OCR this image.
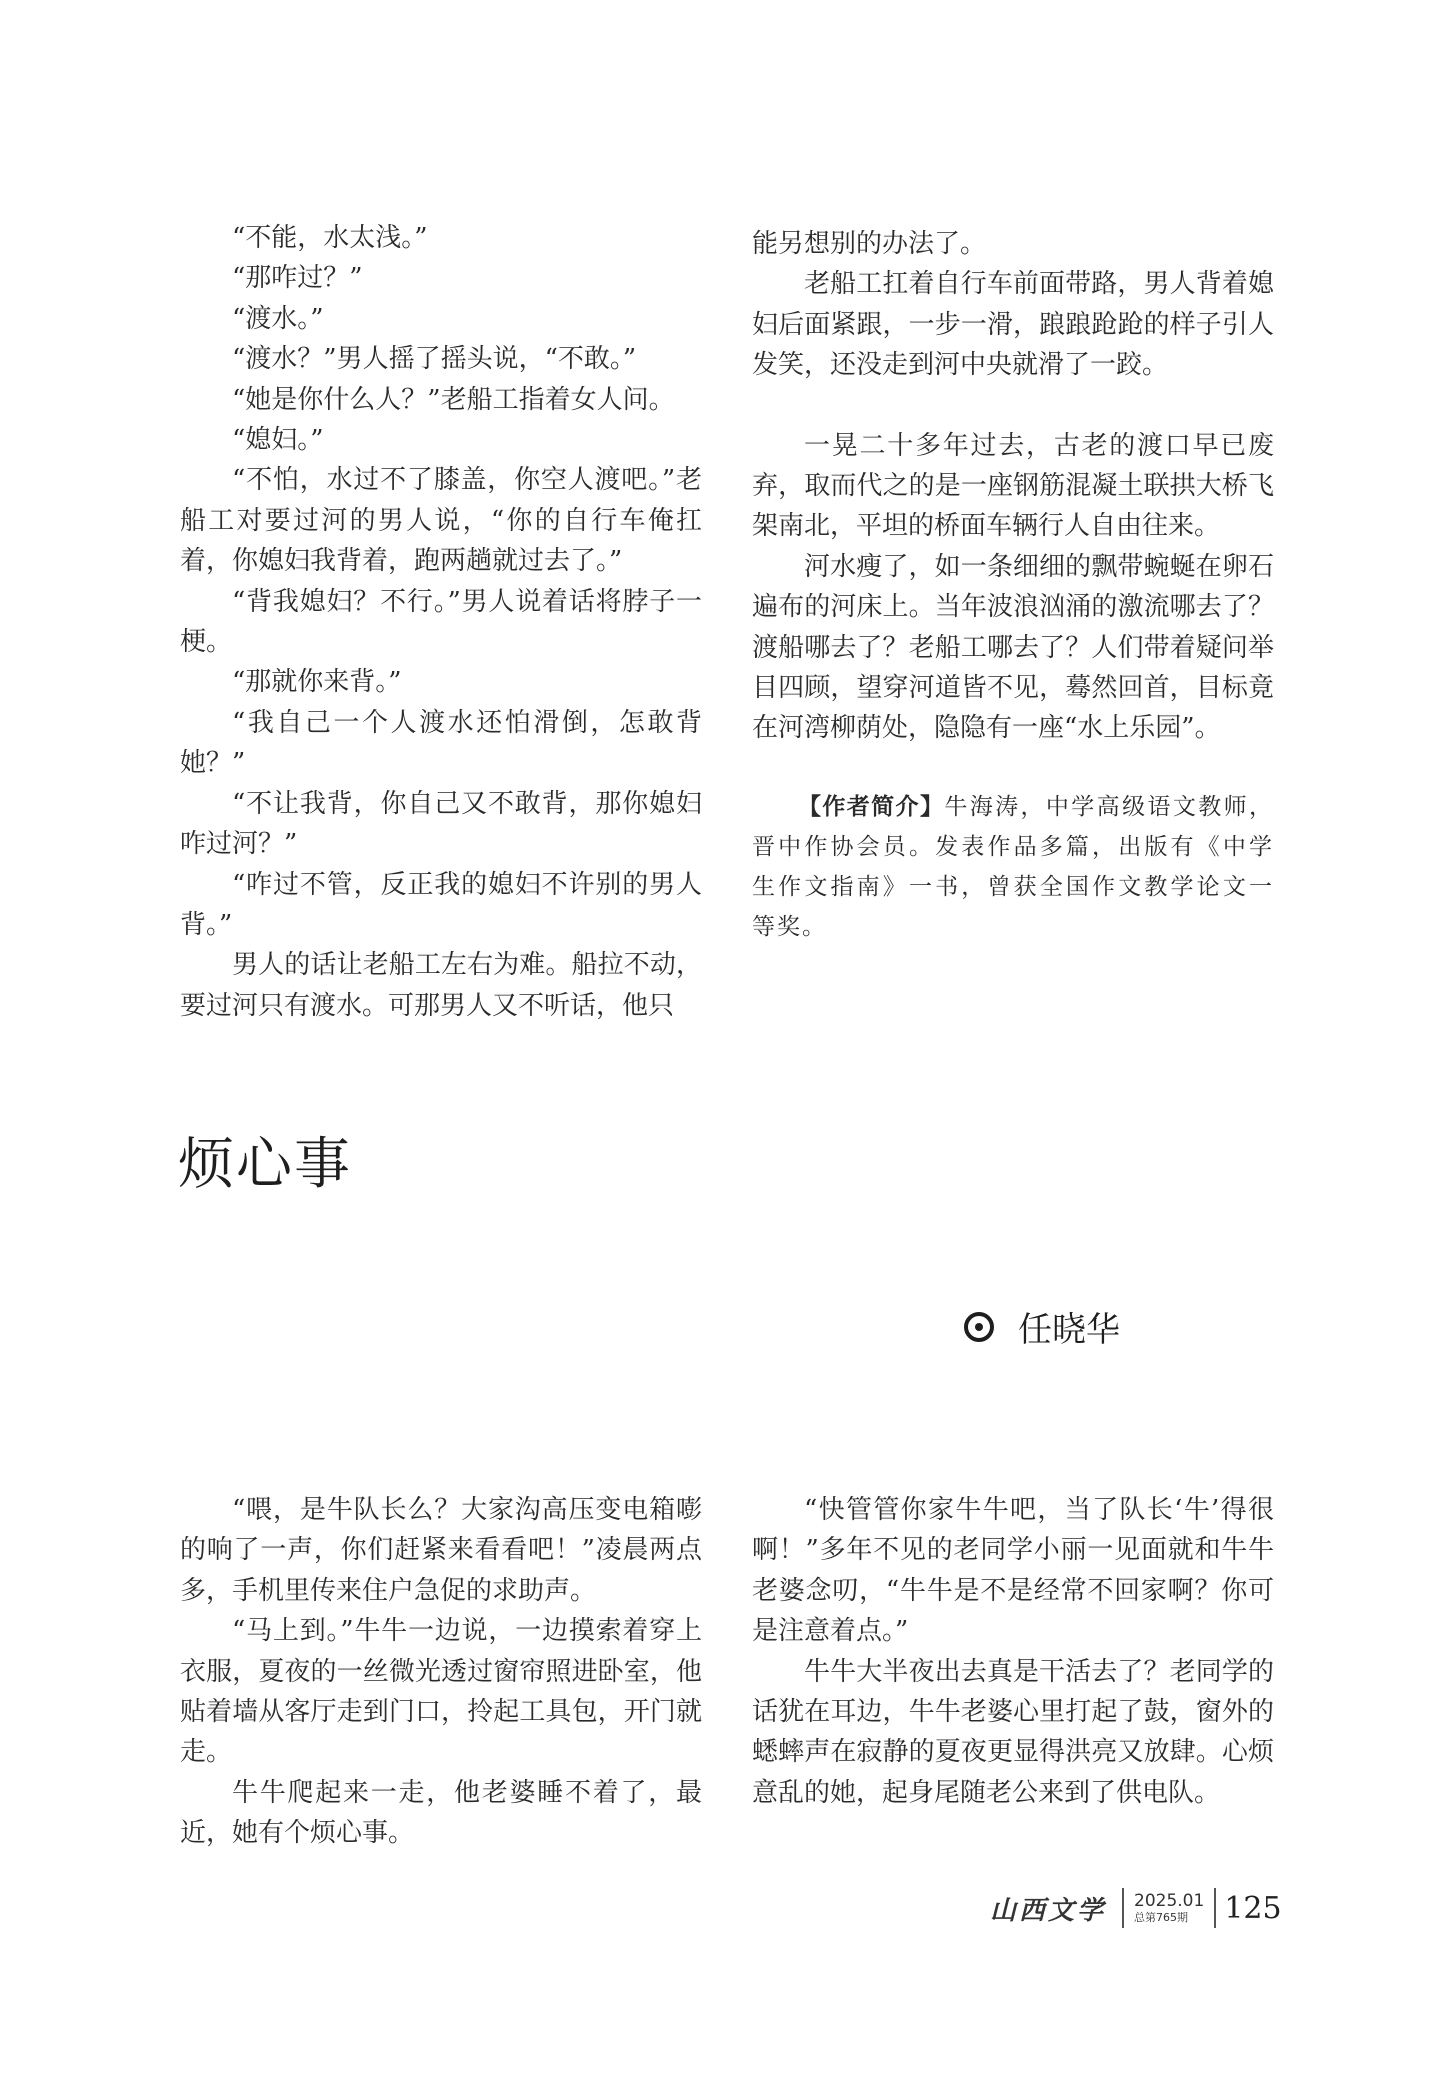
“不能，水太浅。”

“那咋过？”

“渡水。”

“渡水？”男人摇了摇头说，“不敢。”

“她是你什么人？”老船工指着女人问。

“媳妇。”

“不怕，水过不了膝盖，你空人渡吧。”老船工对要过河的男人说，“你的自行车俺扛着，你媳妇我背着，跑两趟就过去了。”

“背我媳妇？不行。”男人说着话将脖子一梗。

“那就你来背。”

“我自己一个人渡水还怕滑倒，怎敢背她？”

“不让我背，你自己又不敢背，那你媳妇咋过河？”

“咋过不管，反正我的媳妇不许别的男人背。”

男人的话让老船工左右为难。船拉不动，要过河只有渡水。可那男人又不听话，他只

能另想别的办法了。

老船工扛着自行车前面带路，男人背着媳妇后面紧跟，一步一滑，踉踉跄跄的样子引人发笑，还没走到河中央就滑了一跤。

一晃二十多年过去，古老的渡口早已废弃，取而代之的是一座钢筋混凝土联拱大桥飞架南北，平坦的桥面车辆行人自由往来。

河水瘦了，如一条细细的飘带蜿蜒在卵石遍布的河床上。当年波浪汹涌的激流哪去了？渡船哪去了？老船工哪去了？人们带着疑问举目四顾，望穿河道皆不见，蓦然回首，目标竟在河湾柳荫处，隐隐有一座“水上乐园”。

【作者简介】牛海涛，中学高级语文教师，晋中作协会员。发表作品多篇，出版有《中学生作文指南》一书，曾获全国作文教学论文一等奖。

烦心事
任晓华

“喂，是牛队长么？大家沟高压变电箱嘭的响了一声，你们赶紧来看看吧！”凌晨两点多，手机里传来住户急促的求助声。

“马上到。”牛牛一边说，一边摸索着穿上衣服，夏夜的一丝微光透过窗帘照进卧室，他贴着墙从客厅走到门口，拎起工具包，开门就走。

牛牛爬起来一走，他老婆睡不着了，最近，她有个烦心事。

“快管管你家牛牛吧，当了队长‘牛’得很啊！”多年不见的老同学小丽一见面就和牛牛老婆念叨，“牛牛是不是经常不回家啊？你可是注意着点。”

牛牛大半夜出去真是干活去了？老同学的话犹在耳边，牛牛老婆心里打起了鼓，窗外的蟋蟀声在寂静的夏夜更显得洪亮又放肆。心烦意乱的她，起身尾随老公来到了供电队。

山西文学	2025.01
总第765期	125
